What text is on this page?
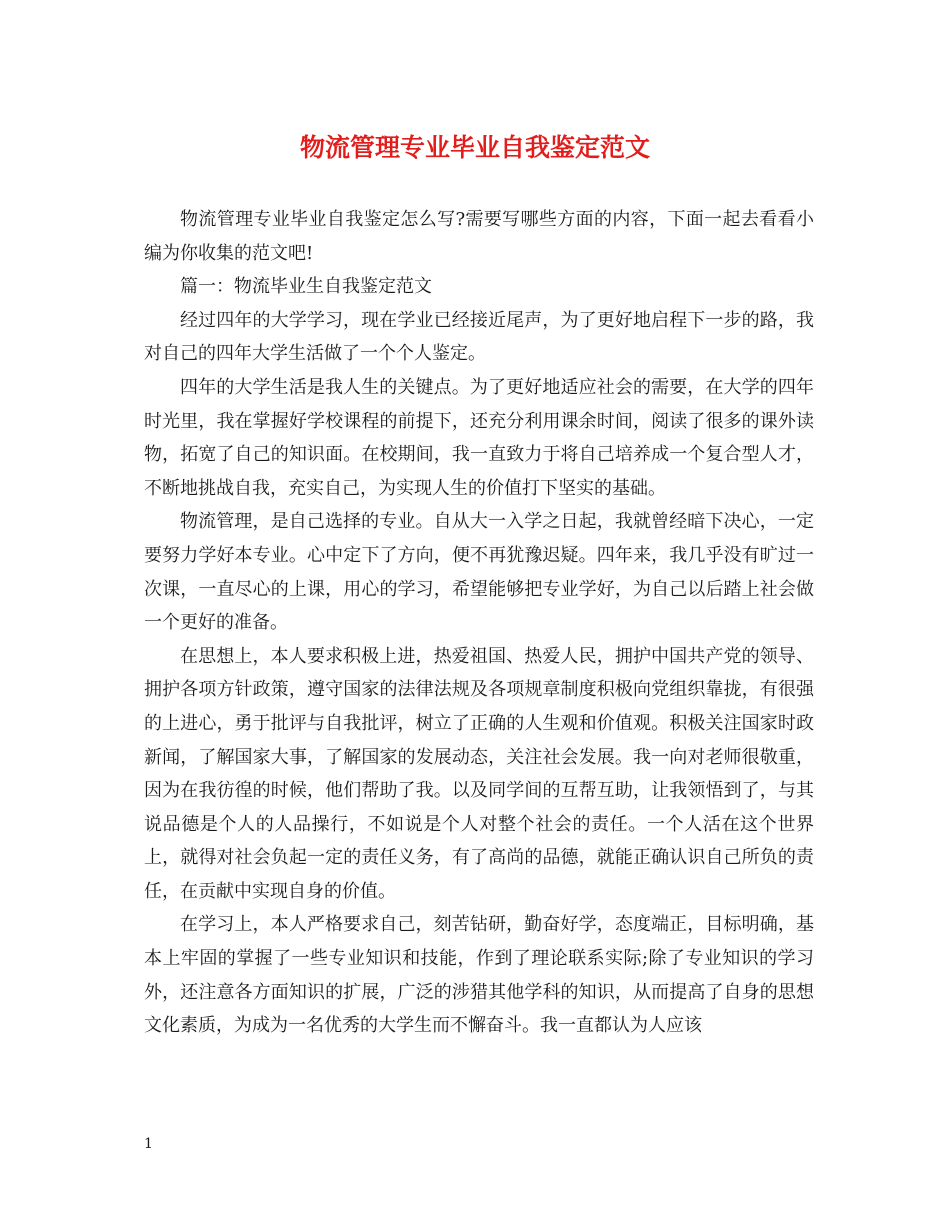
物流管理专业毕业自我鉴定范文

物流管理专业毕业自我鉴定怎么写?需要写哪些方面的内容，下面一起去看看小编为你收集的范文吧!

篇一：物流毕业生自我鉴定范文

经过四年的大学学习，现在学业已经接近尾声，为了更好地启程下一步的路，我对自己的四年大学生活做了一个个人鉴定。

四年的大学生活是我人生的关键点。为了更好地适应社会的需要，在大学的四年时光里，我在掌握好学校课程的前提下，还充分利用课余时间，阅读了很多的课外读物，拓宽了自己的知识面。在校期间，我一直致力于将自己培养成一个复合型人才，不断地挑战自我，充实自己，为实现人生的价值打下坚实的基础。

物流管理，是自己选择的专业。自从大一入学之日起，我就曾经暗下决心，一定要努力学好本专业。心中定下了方向，便不再犹豫迟疑。四年来，我几乎没有旷过一次课，一直尽心的上课，用心的学习，希望能够把专业学好，为自己以后踏上社会做一个更好的准备。

在思想上，本人要求积极上进，热爱祖国、热爱人民，拥护中国共产党的领导、拥护各项方针政策，遵守国家的法律法规及各项规章制度积极向党组织靠拢，有很强的上进心，勇于批评与自我批评，树立了正确的人生观和价值观。积极关注国家时政新闻，了解国家大事，了解国家的发展动态，关注社会发展。我一向对老师很敬重，因为在我彷徨的时候，他们帮助了我。以及同学间的互帮互助，让我领悟到了，与其说品德是个人的人品操行，不如说是个人对整个社会的责任。一个人活在这个世界上，就得对社会负起一定的责任义务，有了高尚的品德，就能正确认识自己所负的责任，在贡献中实现自身的价值。

在学习上，本人严格要求自己，刻苦钻研，勤奋好学，态度端正，目标明确，基本上牢固的掌握了一些专业知识和技能，作到了理论联系实际;除了专业知识的学习外，还注意各方面知识的扩展，广泛的涉猎其他学科的知识，从而提高了自身的思想文化素质，为成为一名优秀的大学生而不懈奋斗。我一直都认为人应该

1
